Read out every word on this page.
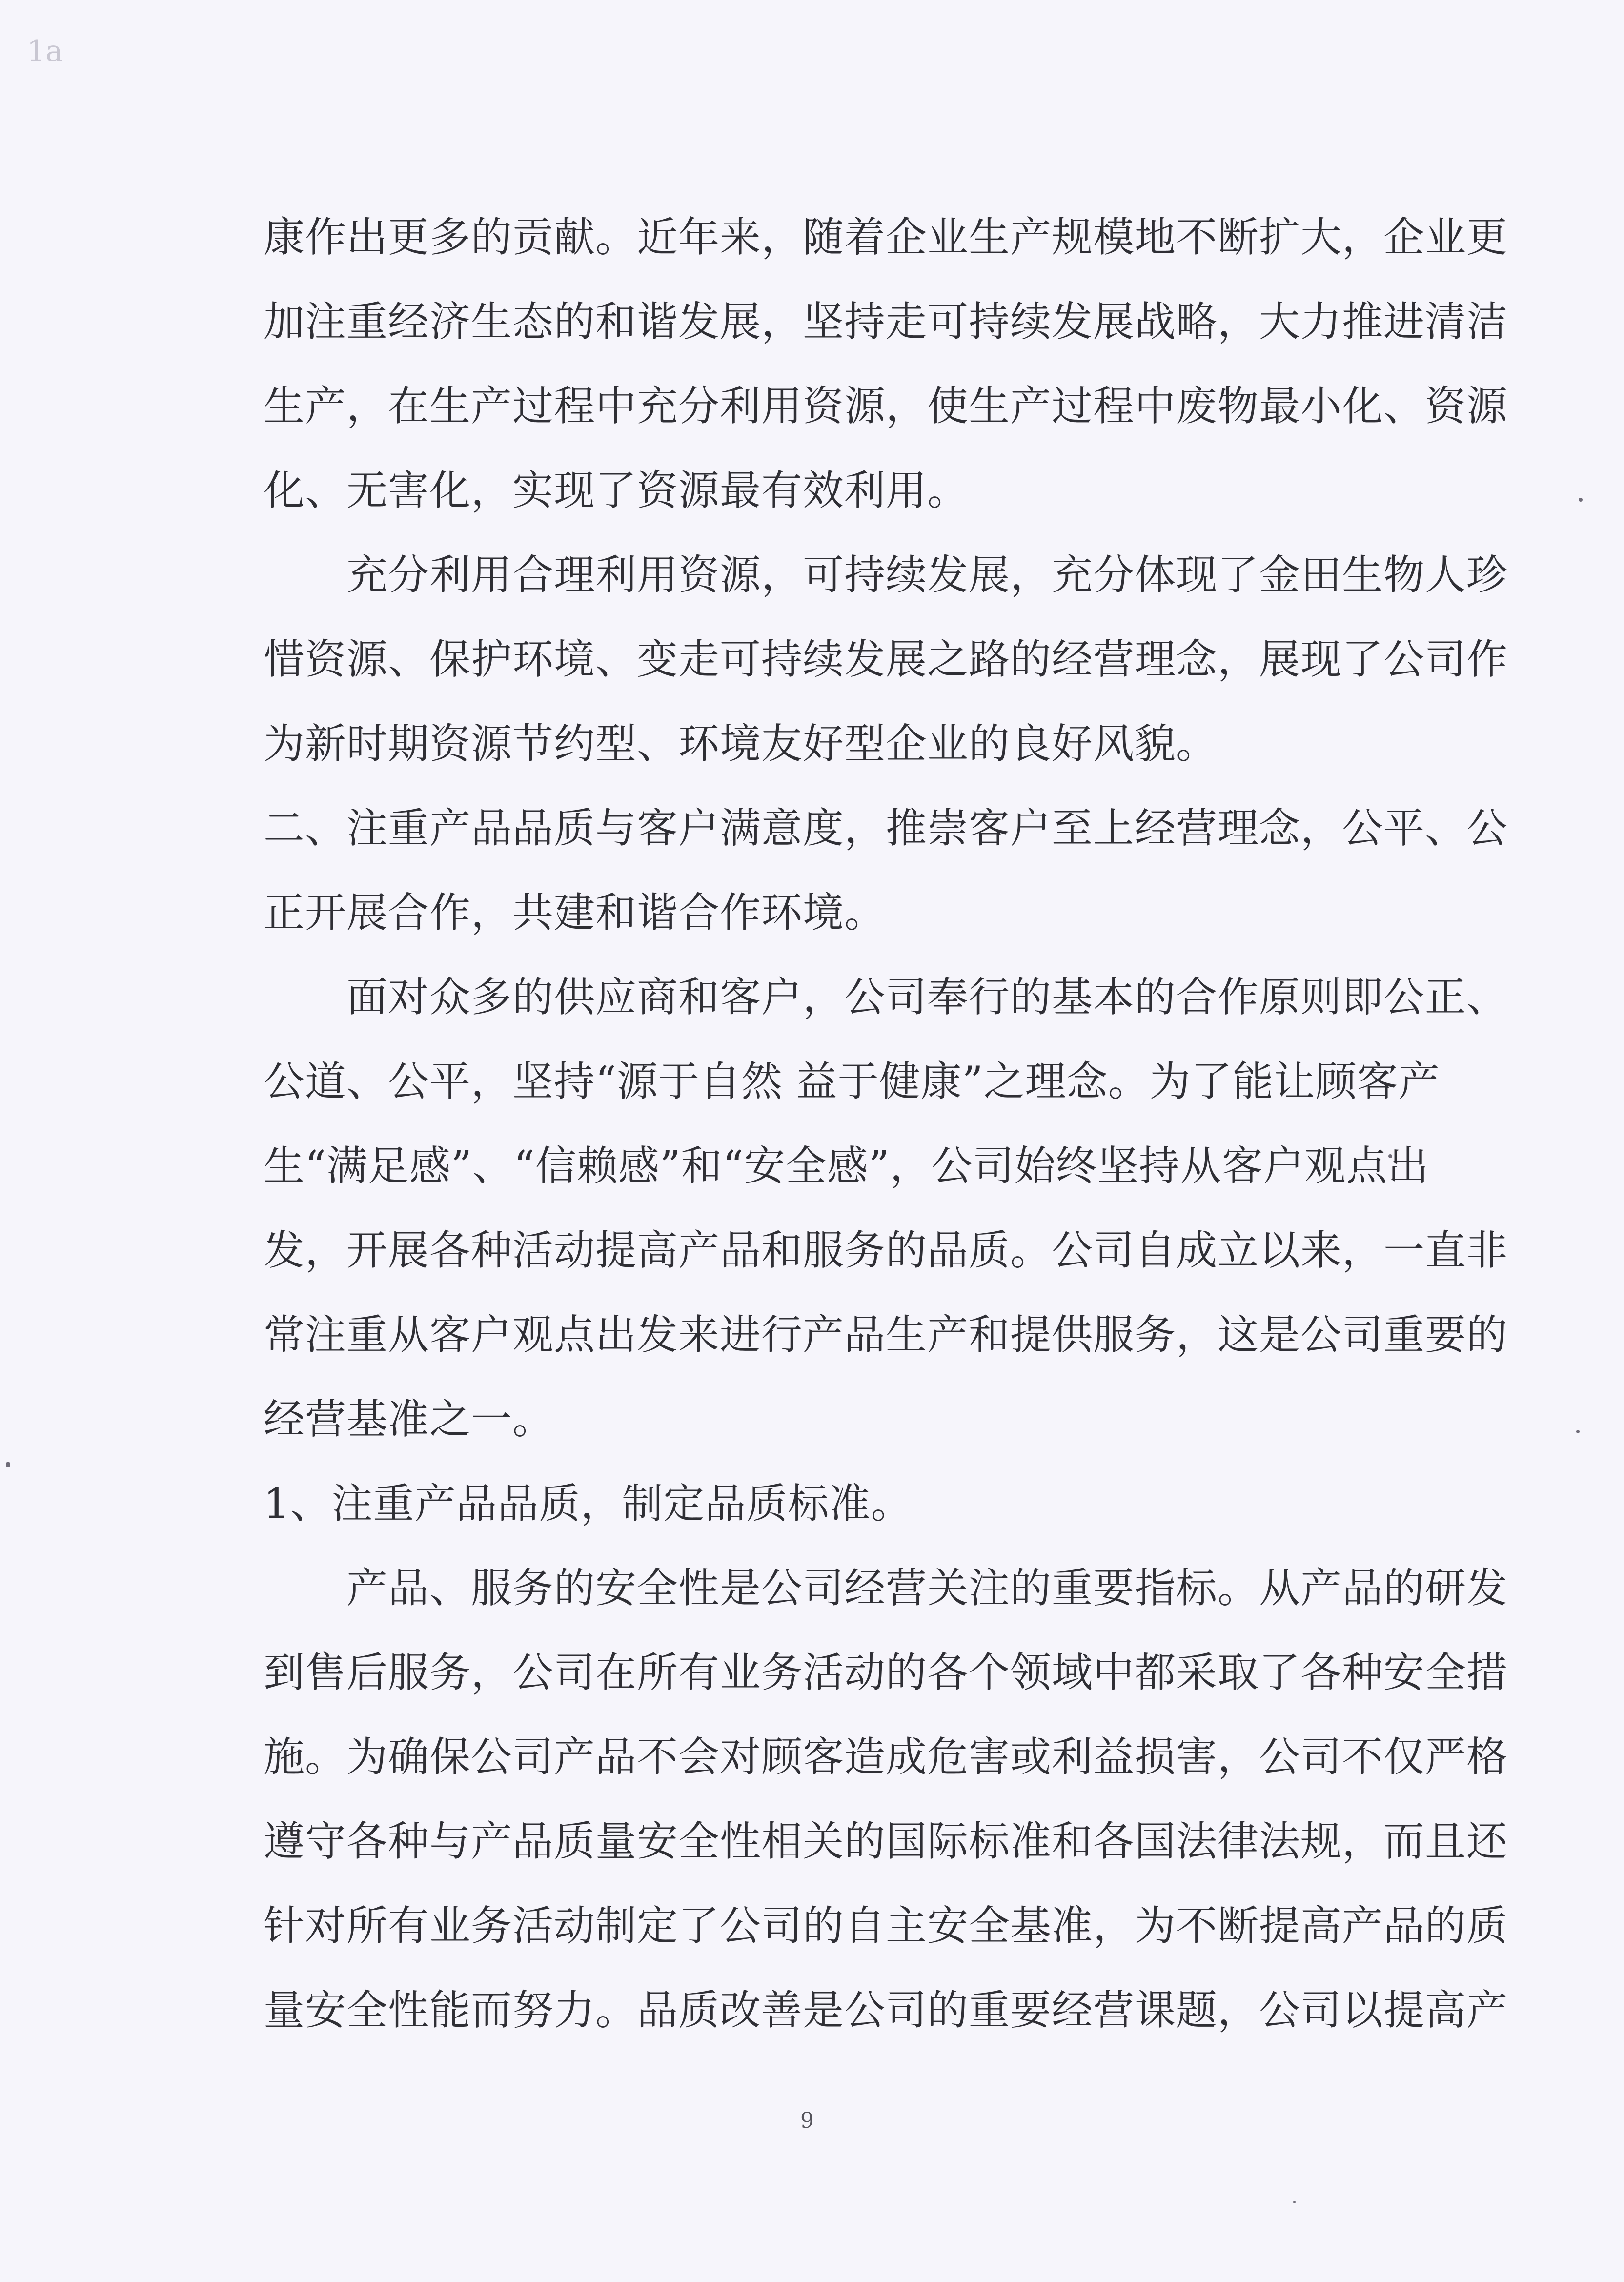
1a
康作出更多的贡献。近年来，随着企业生产规模地不断扩大，企业更
加注重经济生态的和谐发展，坚持走可持续发展战略，大力推进清洁
生产，在生产过程中充分利用资源，使生产过程中废物最小化、资源
化、无害化，实现了资源最有效利用。
　　充分利用合理利用资源，可持续发展，充分体现了金田生物人珍
惜资源、保护环境、变走可持续发展之路的经营理念，展现了公司作
为新时期资源节约型、环境友好型企业的良好风貌。
二、注重产品品质与客户满意度，推崇客户至上经营理念，公平、公
正开展合作，共建和谐合作环境。
　　面对众多的供应商和客户，公司奉行的基本的合作原则即公正、
公道、公平，坚持“源于自然 益于健康”之理念。为了能让顾客产
生“满足感”、“信赖感”和“安全感”，公司始终坚持从客户观点出
发，开展各种活动提高产品和服务的品质。公司自成立以来，一直非
常注重从客户观点出发来进行产品生产和提供服务，这是公司重要的
经营基准之一。
1、注重产品品质，制定品质标准。
　　产品、服务的安全性是公司经营关注的重要指标。从产品的研发
到售后服务，公司在所有业务活动的各个领域中都采取了各种安全措
施。为确保公司产品不会对顾客造成危害或利益损害，公司不仅严格
遵守各种与产品质量安全性相关的国际标准和各国法律法规，而且还
针对所有业务活动制定了公司的自主安全基准，为不断提高产品的质
量安全性能而努力。品质改善是公司的重要经营课题，公司以提高产
9
